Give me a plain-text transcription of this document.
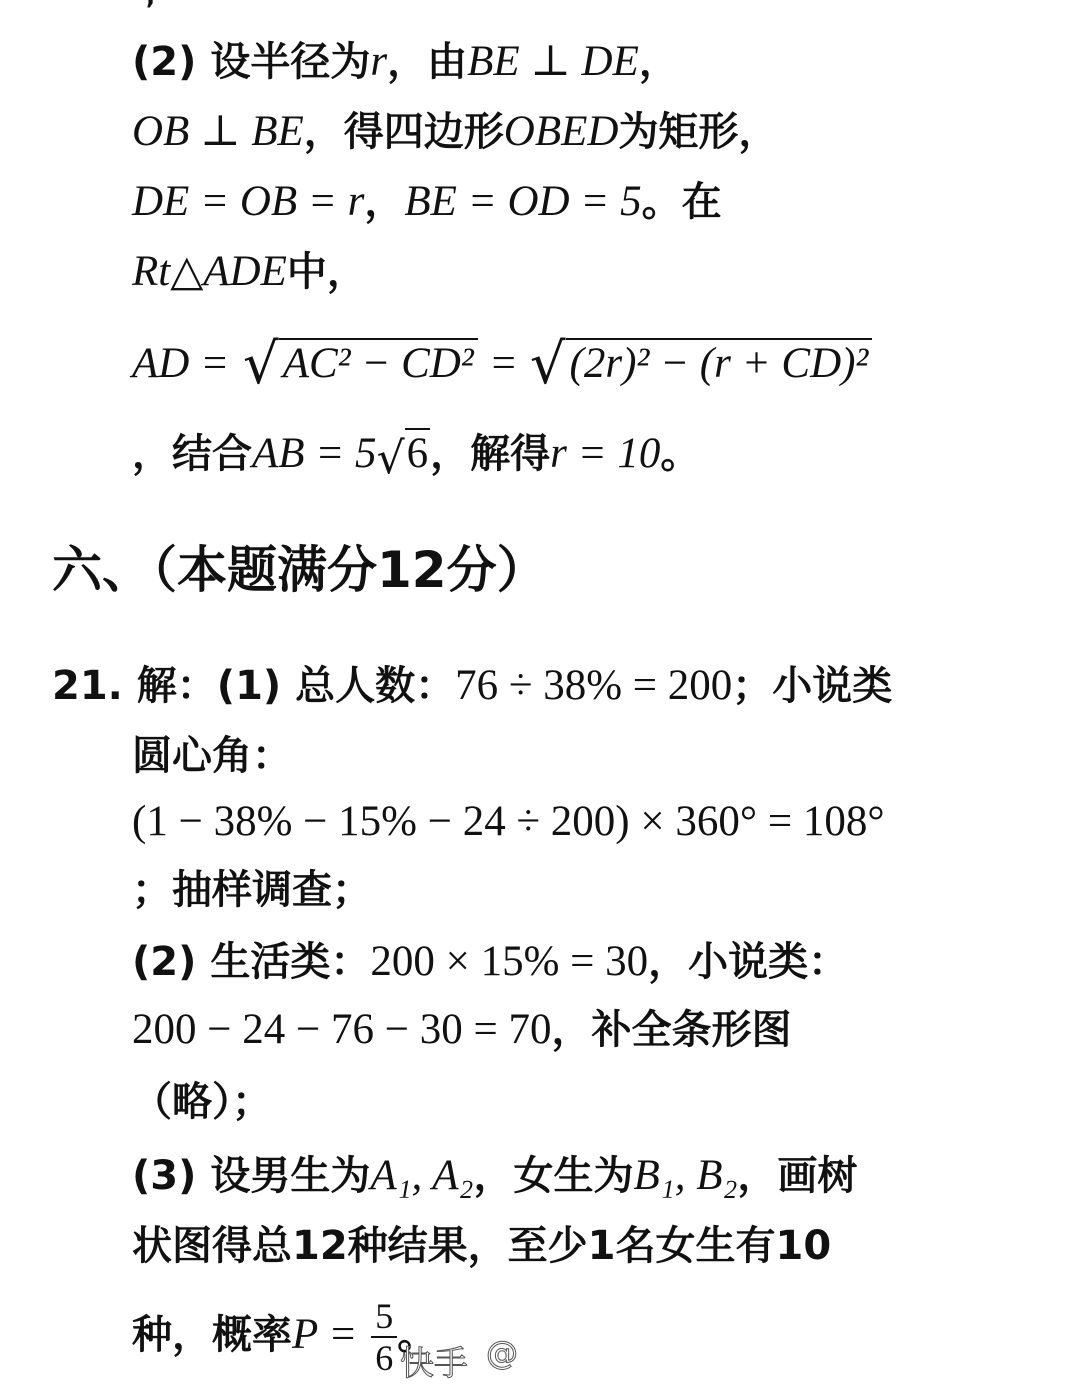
(2) 设半径为r，由BE ⊥ DE，
OB ⊥ BE，得四边形OBED为矩形，
DE = OB = r，BE = OD = 5。在
Rt△ADE中，
AD = √AC² − CD² = √(2r)² − (r + CD)²
，结合AB = 5√6，解得r = 10。
六、（本题满分12分）
21. 解：(1) 总人数：76 ÷ 38% = 200；小说类
圆心角：
(1 − 38% − 15% − 24 ÷ 200) × 360° = 108°
；抽样调查；
(2) 生活类：200 × 15% = 30，小说类：
200 − 24 − 76 − 30 = 70，补全条形图
（略）；
(3) 设男生为A₁, A₂，女生为B₁, B₂，画树
状图得总12种结果，至少1名女生有10
种，概率$P = \frac{5}{6}$ 。
快手 @
